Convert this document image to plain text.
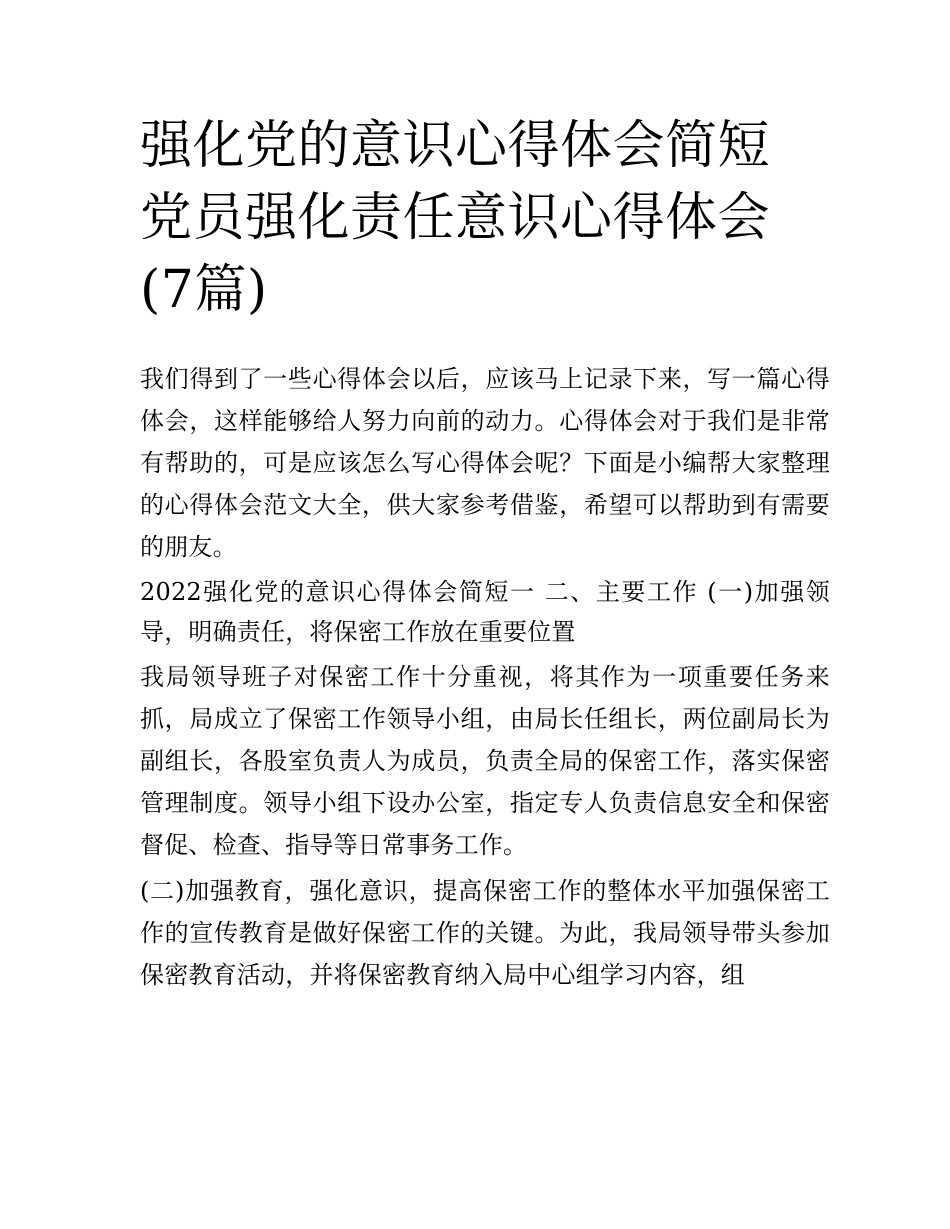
强化党的意识心得体会简短 党员强化责任意识心得体会(7篇)

我们得到了一些心得体会以后，应该马上记录下来，写一篇心得体会，这样能够给人努力向前的动力。心得体会对于我们是非常有帮助的，可是应该怎么写心得体会呢？下面是小编帮大家整理的心得体会范文大全，供大家参考借鉴，希望可以帮助到有需要的朋友。

2022强化党的意识心得体会简短一 二、主要工作 (一)加强领导，明确责任，将保密工作放在重要位置

我局领导班子对保密工作十分重视，将其作为一项重要任务来抓，局成立了保密工作领导小组，由局长任组长，两位副局长为副组长，各股室负责人为成员，负责全局的保密工作，落实保密管理制度。领导小组下设办公室，指定专人负责信息安全和保密督促、检查、指导等日常事务工作。

(二)加强教育，强化意识，提高保密工作的整体水平加强保密工作的宣传教育是做好保密工作的关键。为此，我局领导带头参加保密教育活动，并将保密教育纳入局中心组学习内容，组
